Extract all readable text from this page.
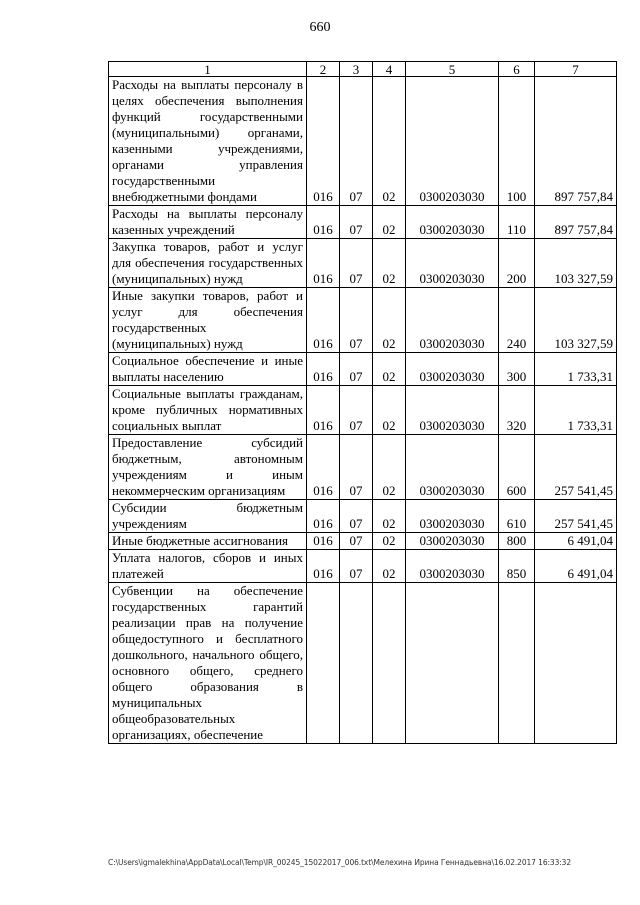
660
1	2	3	4	5	6	7
Расходы на выплаты персоналу в целях обеспечения выполнения функций государственными (муниципальными) органами, казенными учреждениями, органами управления государственными внебюджетными фондами	016	07	02	0300203030	100	897 757,84
Расходы на выплаты персоналу казенных учреждений	016	07	02	0300203030	110	897 757,84
Закупка товаров, работ и услуг для обеспечения государственных (муниципальных) нужд	016	07	02	0300203030	200	103 327,59
Иные закупки товаров, работ и услуг для обеспечения государственных (муниципальных) нужд	016	07	02	0300203030	240	103 327,59
Социальное обеспечение и иные выплаты населению	016	07	02	0300203030	300	1 733,31
Социальные выплаты гражданам, кроме публичных нормативных социальных выплат	016	07	02	0300203030	320	1 733,31
Предоставление субсидий бюджетным, автономным учреждениям и иным некоммерческим организациям	016	07	02	0300203030	600	257 541,45
Субсидии бюджетным учреждениям	016	07	02	0300203030	610	257 541,45
Иные бюджетные ассигнования	016	07	02	0300203030	800	6 491,04
Уплата налогов, сборов и иных платежей	016	07	02	0300203030	850	6 491,04
Субвенции на обеспечение государственных гарантий реализации прав на получение общедоступного и бесплатного дошкольного, начального общего, основного общего, среднего общего образования в муниципальных общеобразовательных организациях, обеспечение						
C:\Users\igmalekhina\AppData\Local\Temp\IR_00245_15022017_006.txt\Мелехина Ирина Геннадьевна\16.02.2017 16:33:32
